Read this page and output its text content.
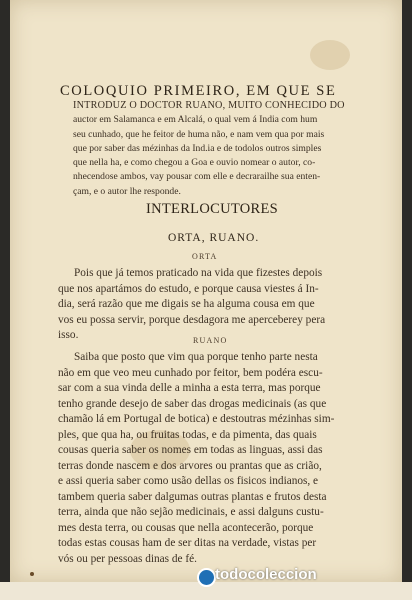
COLOQUIO PRIMEIRO, EM QUE SE
INTRODUZ O DOCTOR RUANO, MUITO CONHECIDO DO
auctor em Salamanca e em Alcalá, o qual vem á India com hum
seu cunhado, que he feitor de huma não, e nam vem qua por mais
que por saber das mézinhas da Ind.ia e de todolos outros simples
que nella ha, e como chegou a Goa e ouvio nomear o autor, co-
nhecendose ambos, vay pousar com elle e decrarailhe sua enten-
çam, e o autor lhe responde.
INTERLOCUTORES
ORTA, RUANO.
ORTA
Pois que já temos praticado na vida que fizestes depois
que nos apartámos do estudo, e porque causa viestes á In-
dia, será razão que me digais se ha alguma cousa em que
vos eu possa servir, porque desdagora me aperceberey pera
isso.	RUANO
Saiba que posto que vim qua porque tenho parte nesta
não em que veo meu cunhado por feitor, bem podéra escu-
sar com a sua vinda delle a minha a esta terra, mas porque
tenho grande desejo de saber das drogas medicinais (as que
chamão lá em Portugal de botica) e destoutras mézinhas sim-
ples, que qua ha, ou fruitas todas, e da pimenta, das quais
cousas queria saber os nomes em todas as linguas, assi das
terras donde nascem e dos arvores ou prantas que as crião,
e assi queria saber como usão dellas os fisicos indianos, e
tambem queria saber dalgumas outras plantas e frutos desta
terra, ainda que não sejão medicinais, e assi dalguns custu-
mes desta terra, ou cousas que nella acontecerão, porque
todas estas cousas ham de ser ditas na verdade, vistas per
vós ou per pessoas dinas de fé.
todocoleccion
